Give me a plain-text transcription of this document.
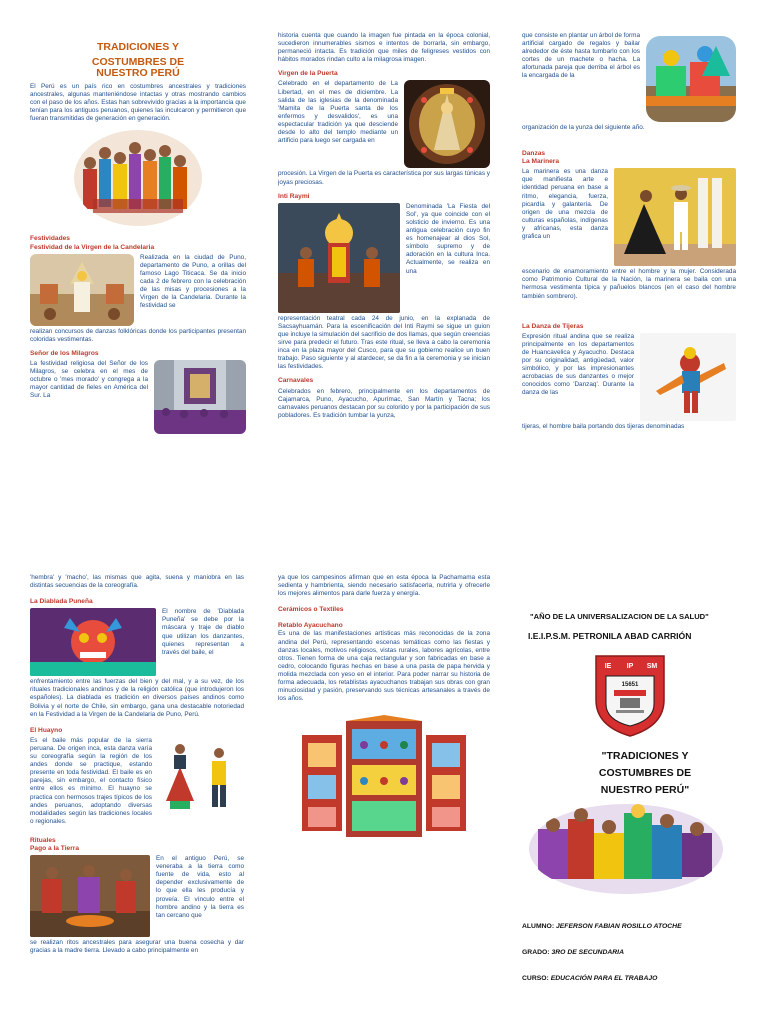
TRADICIONES Y
COSTUMBRES DE
NUESTRO PERÚ

El Perú es un país rico en costumbres ancestrales y tradiciones ancestrales, algunas manteniéndose intactas y otras mostrando cambios con el paso de los años. Estas han sobrevivido gracias a la importancia que tenían para los antiguos peruanos, quienes las inculcaron y permitieron que fueran transmitidas de generación en generación.

Festividades
Festividad de la Virgen de la Candelaria

Realizada en la ciudad de Puno, departamento de Puno, a orillas del famoso Lago Titicaca. Se da inicio cada 2 de febrero con la celebración de las misas y procesiones a la Virgen de la Candelaria. Durante la festividad se

realizan concursos de danzas folklóricas donde los participantes presentan coloridas vestimentas.

Señor de los Milagros

La festividad religiosa del Señor de los Milagros, se celebra en el mes de octubre o 'mes morado' y congrega a la mayor cantidad de fieles en América del Sur. La

historia cuenta que cuando la imagen fue pintada en la época colonial, sucedieron innumerables sismos e intentos de borrarla, sin embargo, permaneció intacta. Es tradición que miles de feligreses vestidos con hábitos morados rindan culto a la milagrosa imagen.

Virgen de la Puerta

Celebrado en el departamento de La Libertad, en el mes de diciembre. La salida de las iglesias de la denominada 'Mamita de la Puerta santa de los enfermos y desvalidos', es una espectacular tradición ya que desciende desde lo alto del templo mediante un artificio para luego ser cargada en

procesión. La Virgen de la Puerta es característica por sus largas túnicas y joyas preciosas.

Inti Raymi

Denominada 'La Fiesta del Sol', ya que coincide con el solsticio de invierno. Es una antigua celebración cuyo fin es homenajear al dios Sol, símbolo supremo y de adoración en la cultura Inca. Actualmente, se realiza en una

representación teatral cada 24 de junio, en la explanada de Sacsayhuamán. Para la escenificación del Inti Raymi se sigue un guion que incluye la simulación del sacrificio de dos llamas, que según creencias sirve para predecir el futuro. Tras este ritual, se lleva a cabo la ceremonia inca en la plaza mayor del Cusco, para que su gobierno realice un buen trabajo. Paso siguiente y al atardecer, se da fin a la ceremonia y se inician las festividades.

Carnavales

Celebrados en febrero, principalmente en los departamentos de Cajamarca, Puno, Ayacucho, Apurímac, San Martín y Tacna; los carnavales peruanos destacan por su colorido y por la participación de sus pobladores. Es tradición tumbar la yunza,

que consiste en plantar un árbol de forma artificial cargado de regalos y bailar alrededor de éste hasta tumbarlo con los cortes de un machete o hacha. La afortunada pareja que derriba el árbol es la encargada de la

organización de la yunza del siguiente año.

Danzas
La Marinera

La marinera es una danza que manifiesta arte e identidad peruana en base a ritmo, elegancia, fuerza, picardía y galantería. De origen de una mezcla de culturas españolas, indígenas y africanas, esta danza grafica un

escenario de enamoramiento entre el hombre y la mujer. Considerada como Patrimonio Cultural de la Nación, la marinera se baila con una hermosa vestimenta típica y pañuelos blancos (en el caso del hombre también sombrero).

La Danza de Tijeras

Expresión ritual andina que se realiza principalmente en los departamentos de Huancavelica y Ayacucho. Destaca por su originalidad, antigüedad, valor simbólico, y por las impresionantes acrobacias de sus danzantes o mejor conocidos como 'Danzaq'. Durante la danza de las

tijeras, el hombre baila portando dos tijeras denominadas

'hembra' y 'macho', las mismas que agita, suena y maniobra en las distintas secuencias de la coreografía.

La Diablada Puneña

El nombre de 'Diablada Puneña' se debe por la máscara y traje de diablo que utilizan los danzantes, quienes representan a través del baile, el

enfrentamiento entre las fuerzas del bien y del mal, y a su vez, de los rituales tradicionales andinos y de la religión católica (que introdujeron los españoles). La diablada es tradición en diversos países andinos como Bolivia y el norte de Chile, sin embargo, gana una destacable notoriedad en la Festividad a la Virgen de la Candelaria de Puno, Perú.

El Huayno

Es el baile más popular de la sierra peruana. De origen inca, esta danza varía su coreografía según la región de los andes donde se practique, estando presente en toda festividad. El baile es en parejas, sin embargo, el contacto físico entre ellos es mínimo. El huayno se practica con hermosos trajes típicos de los andes peruanos, adoptando diversas modalidades según las tradiciones locales o regionales.

Rituales
Pago a la Tierra

En el antiguo Perú, se veneraba a la tierra como fuente de vida, esto al depender exclusivamente de lo que ella les producía y proveía. El vínculo entre el hombre andino y la tierra es tan cercano que

se realizan ritos ancestrales para asegurar una buena cosecha y dar gracias a la madre tierra. Llevado a cabo principalmente en

ya que los campesinos afirman que en esta época la Pachamama esta sedienta y hambrienta, siendo necesario satisfacerla, nutrirla y ofrecerle los mejores alimentos para darle fuerza y energía.

Cerámicos o Textiles
Retablo Ayacuchano

Es una de las manifestaciones artísticas más reconocidas de la zona andina del Perú, representando escenas temáticas como las fiestas y danzas locales, motivos religiosos, vistas rurales, labores agrícolas, entre otros. Tienen forma de una caja rectangular y son fabricadas en base a cedro, colocando figuras hechas en base a una pasta de papa hervida y molida mezclada con yeso en el interior. Para poder narrar su historia de forma adecuada, los retablistas ayacuchanos trabajan sus obras con gran minuciosidad y pasión, preservando sus técnicas artesanales a través de los años.

"AÑO DE LA UNIVERSALIZACION DE LA SALUD"
I.E.I.P.S.M. PETRONILA ABAD CARRIÓN
IE IP SM
15651
"TRADICIONES Y
COSTUMBRES DE
NUESTRO PERÚ"
ALUMNO: JEFERSON FABIAN ROSILLO ATOCHE
GRADO: 3RO DE SECUNDARIA
CURSO: EDUCACIÓN PARA EL TRABAJO
